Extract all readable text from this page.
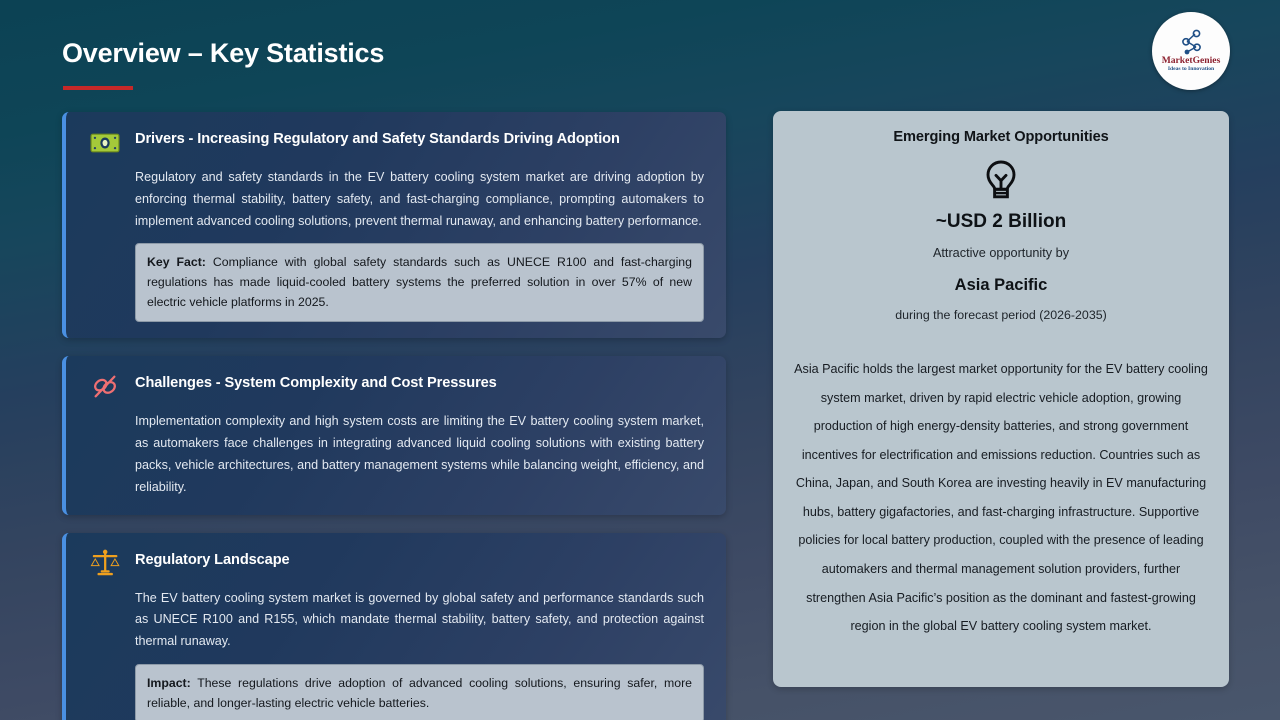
Overview – Key Statistics	MarketGenies
Ideas to Innovation
Drivers - Increasing Regulatory and Safety Standards Driving Adoption
Regulatory and safety standards in the EV battery cooling system market are driving adoption by enforcing thermal stability, battery safety, and fast-charging compliance, prompting automakers to implement advanced cooling solutions, prevent thermal runaway, and enhancing battery performance.
Key Fact: Compliance with global safety standards such as UNECE R100 and fast-charging regulations has made liquid-cooled battery systems the preferred solution in over 57% of new electric vehicle platforms in 2025.
Challenges - System Complexity and Cost Pressures
Implementation complexity and high system costs are limiting the EV battery cooling system market, as automakers face challenges in integrating advanced liquid cooling solutions with existing battery packs, vehicle architectures, and battery management systems while balancing weight, efficiency, and reliability.
Regulatory Landscape
The EV battery cooling system market is governed by global safety and performance standards such as UNECE R100 and R155, which mandate thermal stability, battery safety, and protection against thermal runaway.
Impact: These regulations drive adoption of advanced cooling solutions, ensuring safer, more reliable, and longer-lasting electric vehicle batteries.
Emerging Market Opportunities
~USD 2 Billion
Attractive opportunity by
Asia Pacific
during the forecast period (2026-2035)
Asia Pacific holds the largest market opportunity for the EV battery cooling system market, driven by rapid electric vehicle adoption, growing production of high energy-density batteries, and strong government incentives for electrification and emissions reduction. Countries such as China, Japan, and South Korea are investing heavily in EV manufacturing hubs, battery gigafactories, and fast-charging infrastructure. Supportive policies for local battery production, coupled with the presence of leading automakers and thermal management solution providers, further strengthen Asia Pacific’s position as the dominant and fastest-growing region in the global EV battery cooling system market.
